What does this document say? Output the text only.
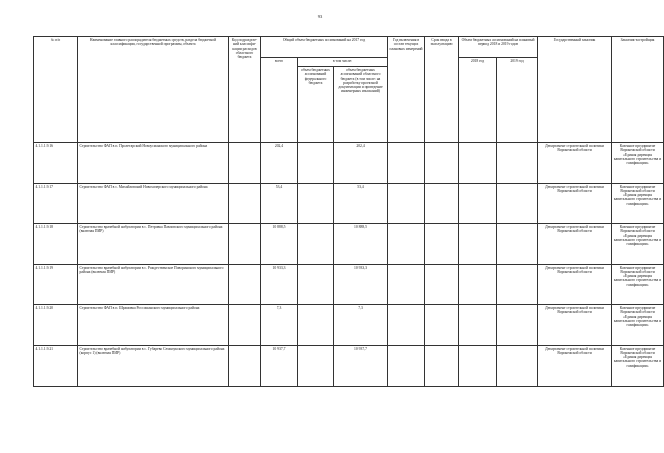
93
№ п/п	Наименование главного распорядителя бюджетных средств, раздела бюджетной классификации, государственной программы, объекта	Код подразделе-ний классифи-кации расходов областного бюджета	Общий объем бюджетных ассигнований на 2017 год			Год включения в состав текущих плановых измерений	Срок ввода в эксплуатацию	Объем бюджетных ассигнований на плановый период 2018 и 2019 годов		Государственный заказчик	Заказчик-застройщик
			всего	в том числе:				2018 год	2019 год		
				объем бюджетных ассигнований федерального бюджета	объем бюджетных ассигнований областного бюджета (в том числе: на разработку проектной документации и проведение инженерных изысканий)						
4.1.1.1.9.16	Строительство ФАП в п. Пролетарский Новоусманского муниципального района		202,4		202,4					Департамент строительной политики Воронежской области	Казенное предприятие Воронежской области «Единая дирекция капитального строительства и газификации»
4.1.1.1.9.17	Строительство ФАП в с. Михайловский Новохоперского муниципального района		53,4		53,4					Департамент строительной политики Воронежской области	Казенное предприятие Воронежской области «Единая дирекция капитального строительства и газификации»
4.1.1.1.9.18	Строительство врачебной амбулатории в с. Петровка Павловского муниципального района (включая ПИР)		10 888,5		10 888,5					Департамент строительной политики Воронежской области	Казенное предприятие Воронежской области «Единая дирекция капитального строительства и газификации»
4.1.1.1.9.19	Строительство врачебной амбулатории в с. Рождественское Поворинского муниципального района (включая ПИР)		10 933,3		10 933,3					Департамент строительной политики Воронежской области	Казенное предприятие Воронежской области «Единая дирекция капитального строительства и газификации»
4.1.1.1.9.20	Строительство ФАП в п. Шрамовка Россошанского муниципального района		7,3		7,3					Департамент строительной политики Воронежской области	Казенное предприятие Воронежской области «Единая дирекция капитального строительства и газификации»
4.1.1.1.9.21	Строительство врачебной амбулатории в с. Губарево Семилукского муниципального района (корпус 1) (включая ПИР)		10 937,7		10 937,7					Департамент строительной политики Воронежской области	Казенное предприятие Воронежской области «Единая дирекция капитального строительства и газификации»
